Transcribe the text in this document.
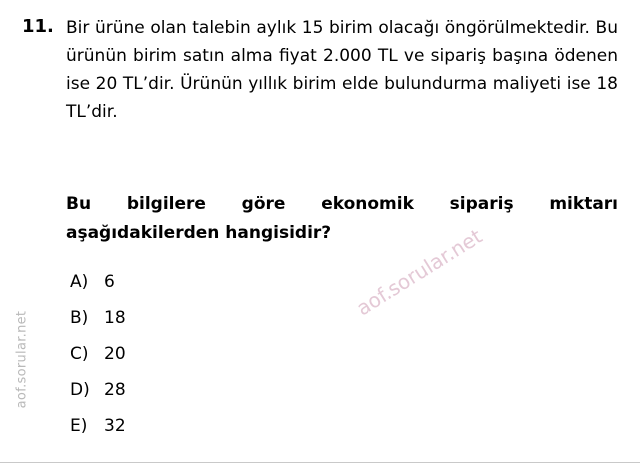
aof.sorular.net
11. Bir ürüne olan talebin aylık 15 birim olacağı öngörülmektedir. Bu ürünün birim satın alma fiyat 2.000 TL ve sipariş başına ödenen ise 20 TL’dir. Ürünün yıllık birim elde bulundurma maliyeti ise 18 TL’dir.

Bu bilgilere göre ekonomik sipariş miktarı aşağıdakilerden hangisidir?

A) 6
B) 18
C) 20
D) 28
E) 32
aof.sorular.net
